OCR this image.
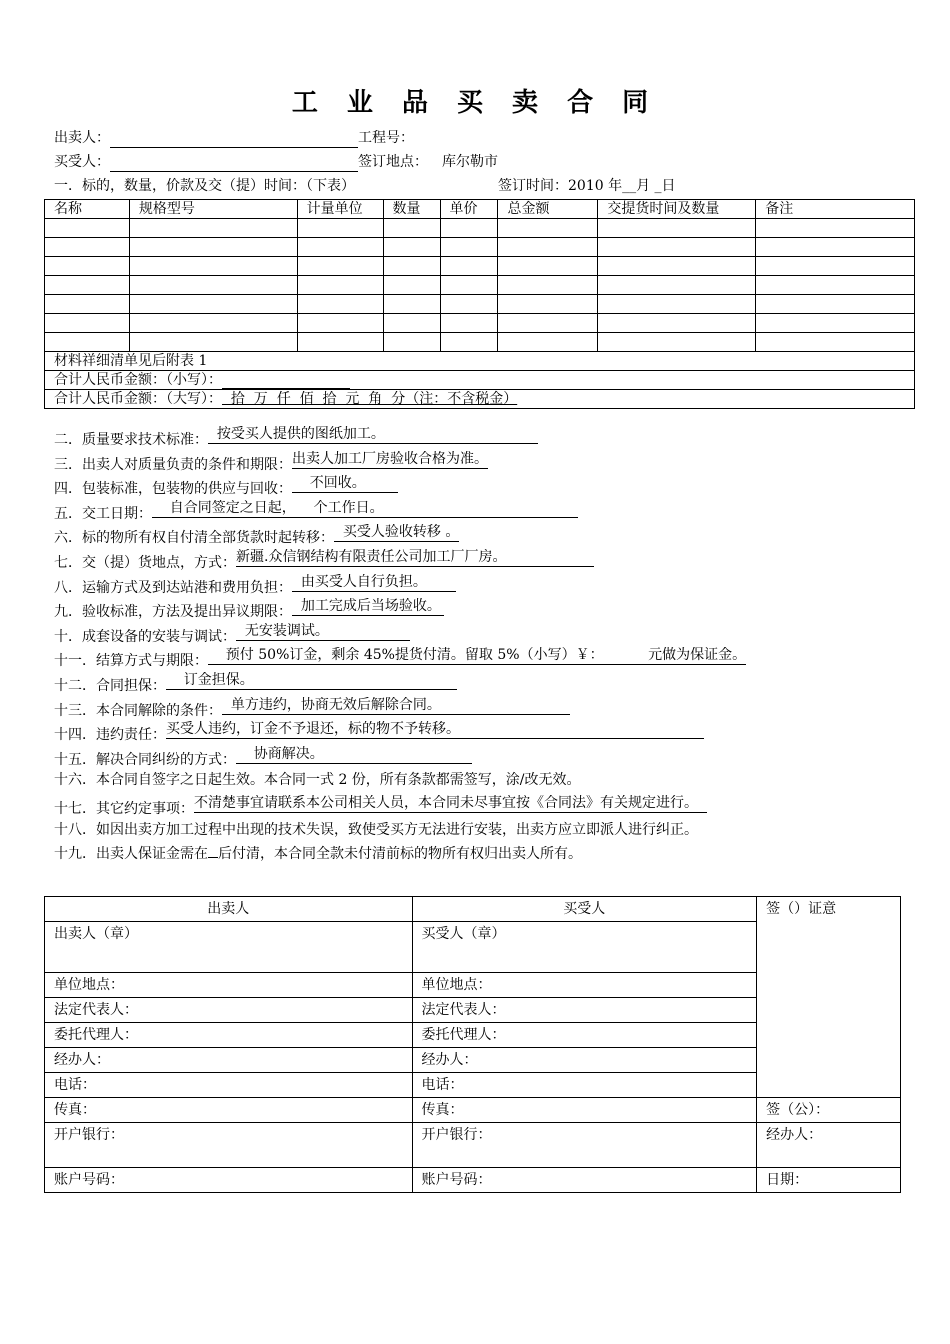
工 业 品 买 卖 合 同
出卖人：	工程号：
买受人：	签订地点： 库尔勒市
一．标的，数量，价款及交（提）时间：（下表）	签订时间：2010 年__月 _日
名称	规格型号	计量单位	数量	单价	总金额	交提货时间及数量	备注

材料祥细清单见后附表 1							
合计人民币金额：（小写）：							
合计人民币金额：（大写）：  拾  万  仟  佰  拾  元  角  分（注：不含税金）							
二．质量要求技术标准：  按受买人提供的图纸加工。
三．出卖人对质量负责的条件和期限：出卖人加工厂房验收合格为准。
四．包装标准，包装物的供应与回收：    不回收。
五．交工日期：    自合同签定之日起，    个工作日。
六．标的物所有权自付清全部货款时起转移：  买受人验收转移 。
七．交（提）货地点，方式：新疆.众信钢结构有限责任公司加工厂厂房。
八．运输方式及到达站港和费用负担：  由买受人自行负担。
九．验收标准，方法及提出异议期限：  加工完成后当场验收。
十．成套设备的安装与调试：  无安装调试。
十一．结算方式与期限：    预付 50%订金，剩余 45%提货付清。留取 5%（小写）￥：          元做为保证金。
十二．合同担保：    订金担保。
十三．本合同解除的条件：  单方违约，协商无效后解除合同。
十四．违约责任：买受人违约，订金不予退还，标的物不予转移。
十五．解决合同纠纷的方式：    协商解决。
十六．本合同自签字之日起生效。本合同一式 2 份，所有条款都需签写，涂/改无效。
十七．其它约定事项：不清楚事宜请联系本公司相关人员，本合同未尽事宜按《合同法》有关规定进行。
十八．如因出卖方加工过程中出现的技术失误，致使受买方无法进行安装，出卖方应立即派人进行纠正。
十九．出卖人保证金需在 后付清，本合同全款未付清前标的物所有权归出卖人所有。
出卖人	买受人	签（）证意
出卖人（章）	买受人（章）	
单位地点：	单位地点：	
法定代表人：	法定代表人：	
委托代理人：	委托代理人：	
经办人：	经办人：	
电话：	电话：	
传真：	传真：	签（公）：
开户银行：	开户银行：	经办人：
账户号码：	账户号码：	日期：
